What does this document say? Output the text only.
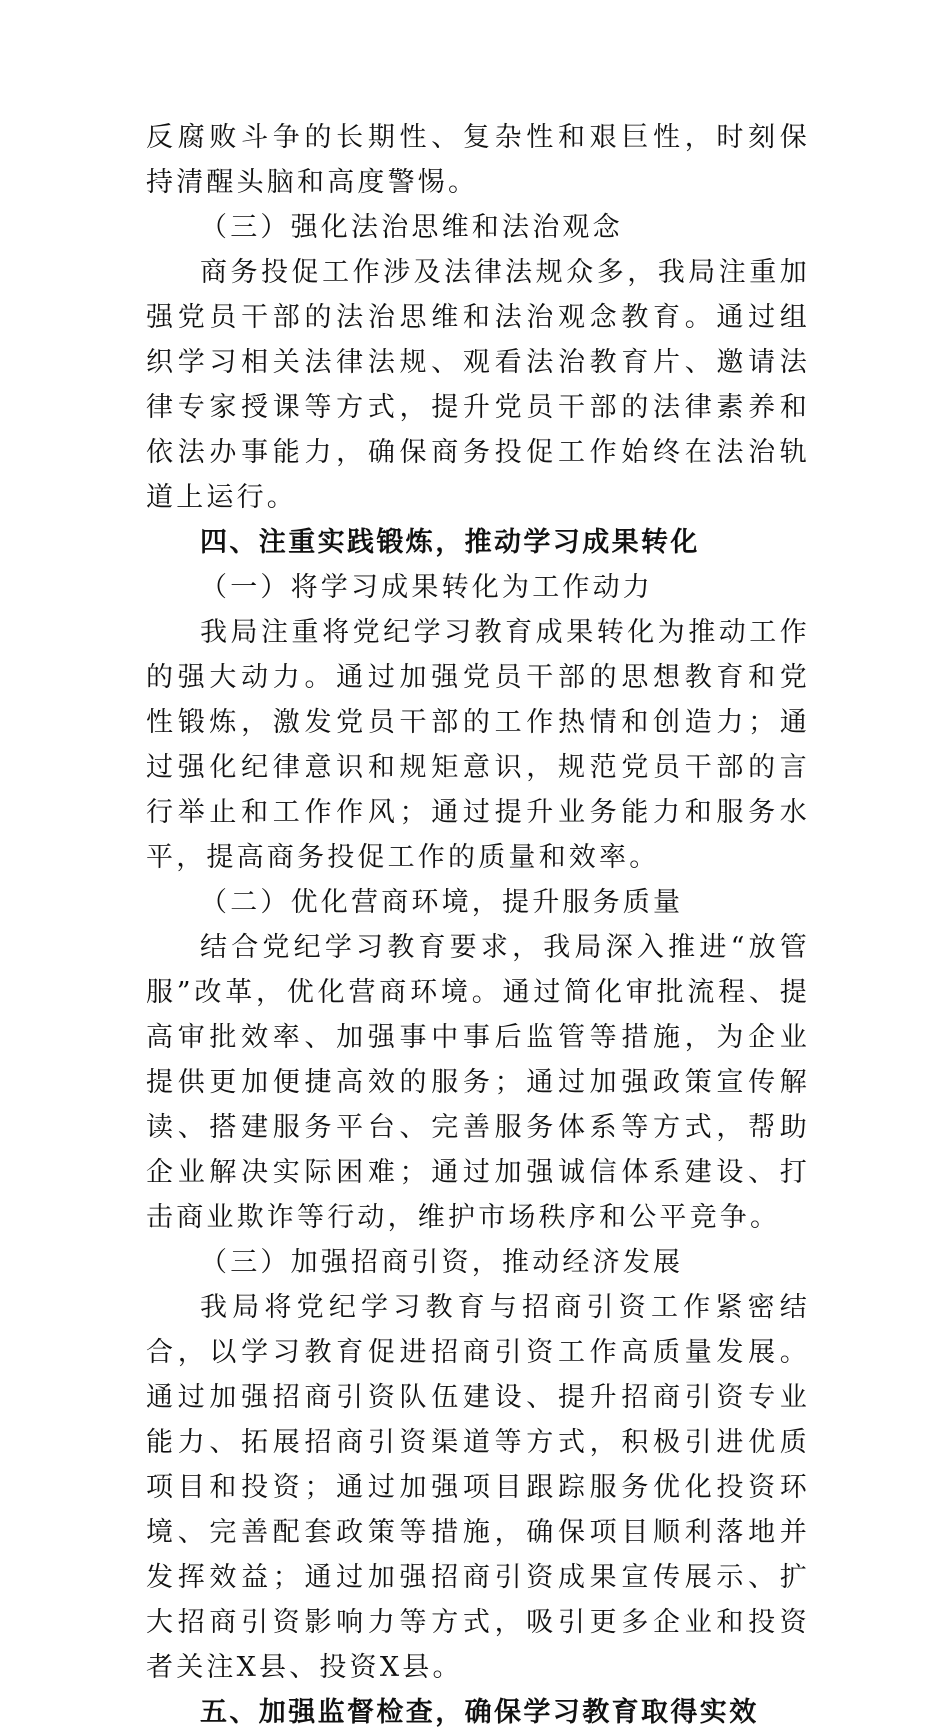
反腐败斗争的长期性、复杂性和艰巨性，时刻保持清醒头脑和高度警惕。

（三）强化法治思维和法治观念

商务投促工作涉及法律法规众多，我局注重加强党员干部的法治思维和法治观念教育。通过组织学习相关法律法规、观看法治教育片、邀请法律专家授课等方式，提升党员干部的法律素养和依法办事能力，确保商务投促工作始终在法治轨道上运行。

四、注重实践锻炼，推动学习成果转化

（一）将学习成果转化为工作动力

我局注重将党纪学习教育成果转化为推动工作的强大动力。通过加强党员干部的思想教育和党性锻炼，激发党员干部的工作热情和创造力；通过强化纪律意识和规矩意识，规范党员干部的言行举止和工作作风；通过提升业务能力和服务水平，提高商务投促工作的质量和效率。

（二）优化营商环境，提升服务质量

结合党纪学习教育要求，我局深入推进“放管服”改革，优化营商环境。通过简化审批流程、提高审批效率、加强事中事后监管等措施，为企业提供更加便捷高效的服务；通过加强政策宣传解读、搭建服务平台、完善服务体系等方式，帮助企业解决实际困难；通过加强诚信体系建设、打击商业欺诈等行动，维护市场秩序和公平竞争。

（三）加强招商引资，推动经济发展

我局将党纪学习教育与招商引资工作紧密结合，以学习教育促进招商引资工作高质量发展。通过加强招商引资队伍建设、提升招商引资专业能力、拓展招商引资渠道等方式，积极引进优质项目和投资；通过加强项目跟踪服务优化投资环境、完善配套政策等措施，确保项目顺利落地并发挥效益；通过加强招商引资成果宣传展示、扩大招商引资影响力等方式，吸引更多企业和投资者关注X县、投资X县。

五、加强监督检查，确保学习教育取得实效
